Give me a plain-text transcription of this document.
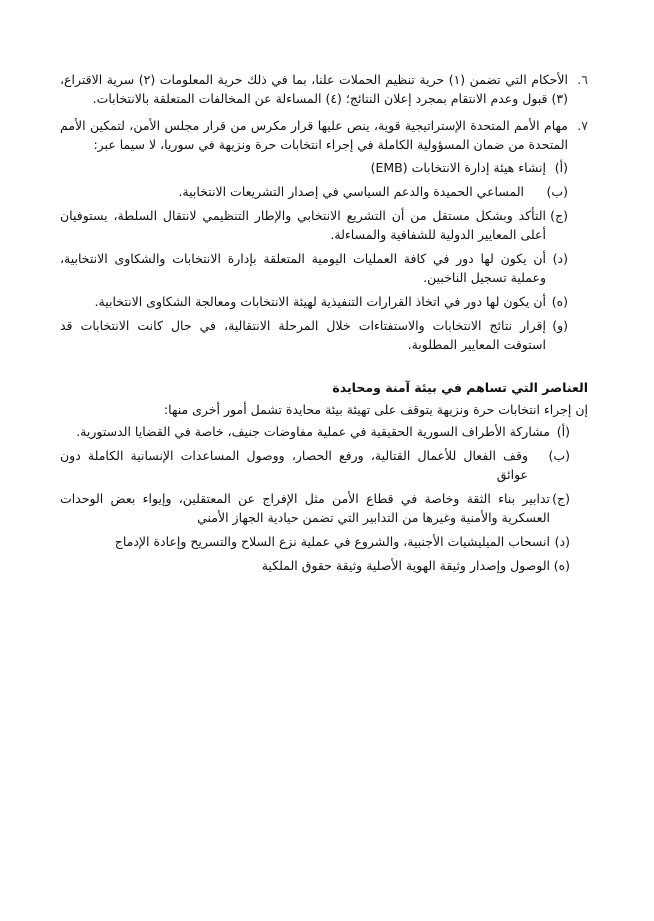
٦.
الأحكام التي تضمن (١) حرية تنظيم الحملات علنا، بما في ذلك حرية المعلومات (٢) سرية الاقتراع، (٣) قبول وعدم الانتقام بمجرد إعلان النتائج؛ (٤) المساءلة عن المخالفات المتعلقة بالانتخابات.
٧.
مهام الأمم المتحدة الإستراتيجية قوية، ينص عليها قرار مكرس من قرار مجلس الأمن، لتمكين الأمم المتحدة من ضمان المسؤولية الكاملة في إجراء انتخابات حرة ونزيهة في سوريا، لا سيما عبر:
(أ)
إنشاء هيئة إدارة الانتخابات (EMB)
(ب)
المساعي الحميدة والدعم السياسي في إصدار التشريعات الانتخابية.
(ج)
التأكد وبشكل مستقل من أن التشريع الانتخابي والإطار التنظيمي لانتقال السلطة، يستوفيان أعلى المعايير الدولية للشفافية والمساءلة.
(د)
أن يكون لها دور في كافة العمليات اليومية المتعلقة بإدارة الانتخابات والشكاوى الانتخابية، وعملية تسجيل الناخبين.
(ه)
أن يكون لها دور في اتخاذ القرارات التنفيذية لهيئة الانتخابات ومعالجة الشكاوى الانتخابية.
(و)
إقرار نتائج الانتخابات والاستفتاءات خلال المرحلة الانتقالية، في حال كانت الانتخابات قد استوفت المعايير المطلوبة.
العناصر التي تساهم في بيئة آمنة ومحايدة
إن إجراء انتخابات حرة ونزيهة يتوقف على تهيئة بيئة محايدة تشمل أمور أخرى منها:
(أ)
مشاركة الأطراف السورية الحقيقية في عملية مفاوضات جنيف، خاصة في القضايا الدستورية.
(ب)
وقف الفعال للأعمال القتالية، ورفع الحصار، ووصول المساعدات الإنسانية الكاملة دون عوائق
(ج)
تدابير بناء الثقة وخاصة في قطاع الأمن مثل الإفراج عن المعتقلين، وإيواء بعض الوحدات العسكرية والأمنية وغيرها من التدابير التي تضمن حيادية الجهاز الأمني
(د)
انسحاب الميليشيات الأجنبية، والشروع في عملية نزع السلاح والتسريح وإعادة الإدماج
(ه)
الوصول وإصدار وثيقة الهوية الأصلية وثيقة حقوق الملكية
